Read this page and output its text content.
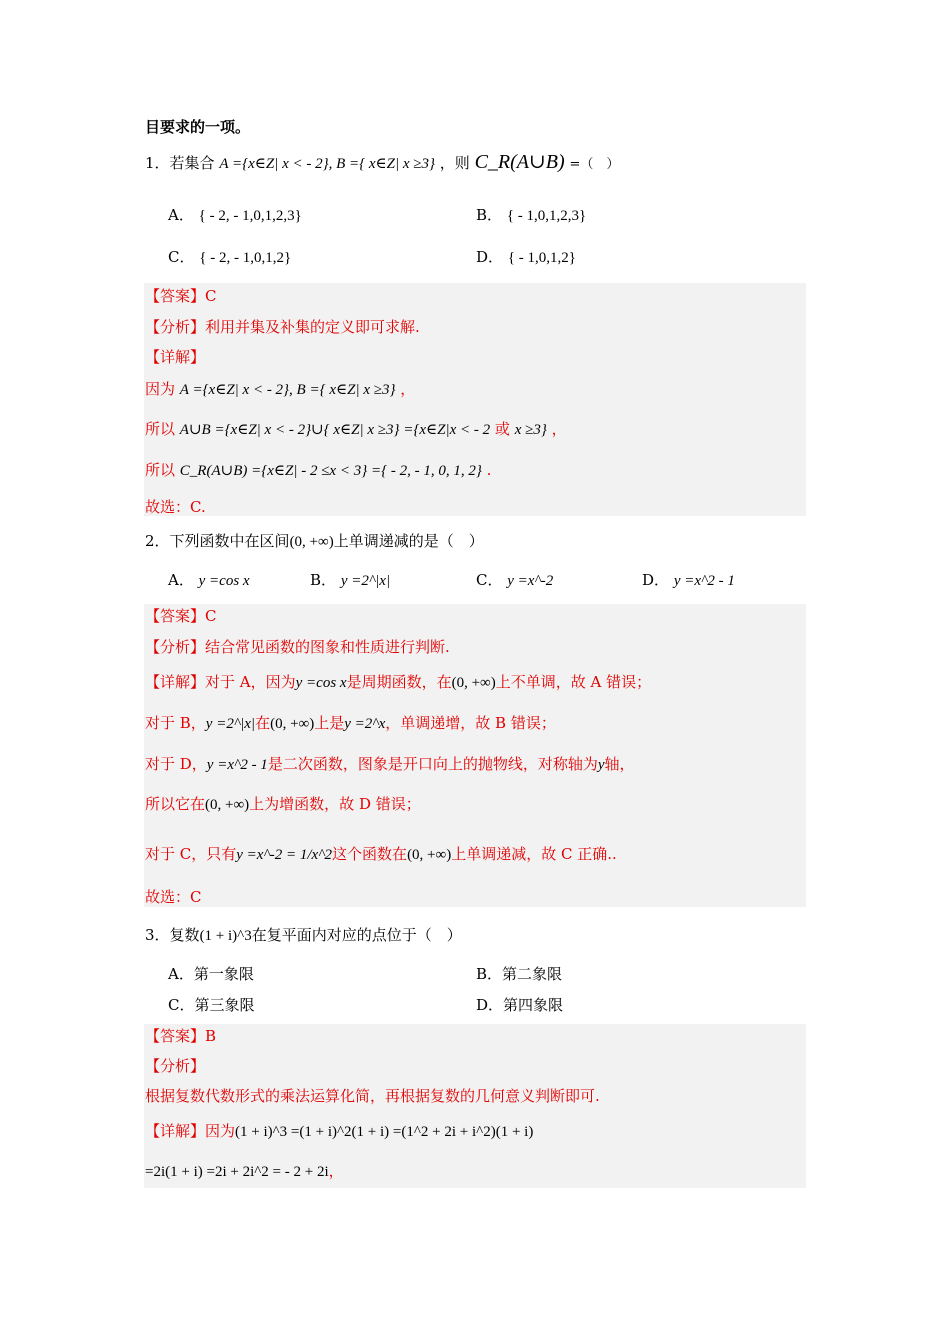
目要求的一项。
1．若集合 A ={x∈Z| x < - 2}, B ={ x∈Z| x ≥3} ，则 C_R(A∪B) =（　）
A． { - 2, - 1,0,1,2,3}	B． { - 1,0,1,2,3}
C． { - 2, - 1,0,1,2}	D． { - 1,0,1,2}
【答案】C
【分析】利用并集及补集的定义即可求解.
【详解】
因为 A ={x∈Z| x < - 2}, B ={ x∈Z| x ≥3} ，
所以 A∪B ={x∈Z| x < - 2}∪{ x∈Z| x ≥3} ={x∈Z|x < - 2 或 x ≥3} ，
所以 C_R(A∪B) ={x∈Z| - 2 ≤x < 3} ={ - 2, - 1, 0, 1, 2} .
故选：C.
2．下列函数中在区间(0, +∞)上单调递减的是（　）
A． y =cos x	B． y =2^|x|	C． y =x^-2	D． y =x^2 - 1
【答案】C
【分析】结合常见函数的图象和性质进行判断.
【详解】对于 A，因为y =cos x是周期函数，在(0, +∞)上不单调，故 A 错误；
对于 B，y =2^|x|在(0, +∞)上是y =2^x，单调递增，故 B 错误；
对于 D，y =x^2 - 1是二次函数，图象是开口向上的抛物线，对称轴为y轴，
所以它在(0, +∞)上为增函数，故 D 错误；
对于 C，只有y =x^-2 = 1/x^2这个函数在(0, +∞)上单调递减，故 C 正确..
故选：C
3．复数(1 + i)^3在复平面内对应的点位于（　）
A．第一象限	B．第二象限
C．第三象限	D．第四象限
【答案】B
【分析】
根据复数代数形式的乘法运算化简，再根据复数的几何意义判断即可.
【详解】因为(1 + i)^3 =(1 + i)^2(1 + i) =(1^2 + 2i + i^2)(1 + i)
=2i(1 + i) =2i + 2i^2 = - 2 + 2i，
